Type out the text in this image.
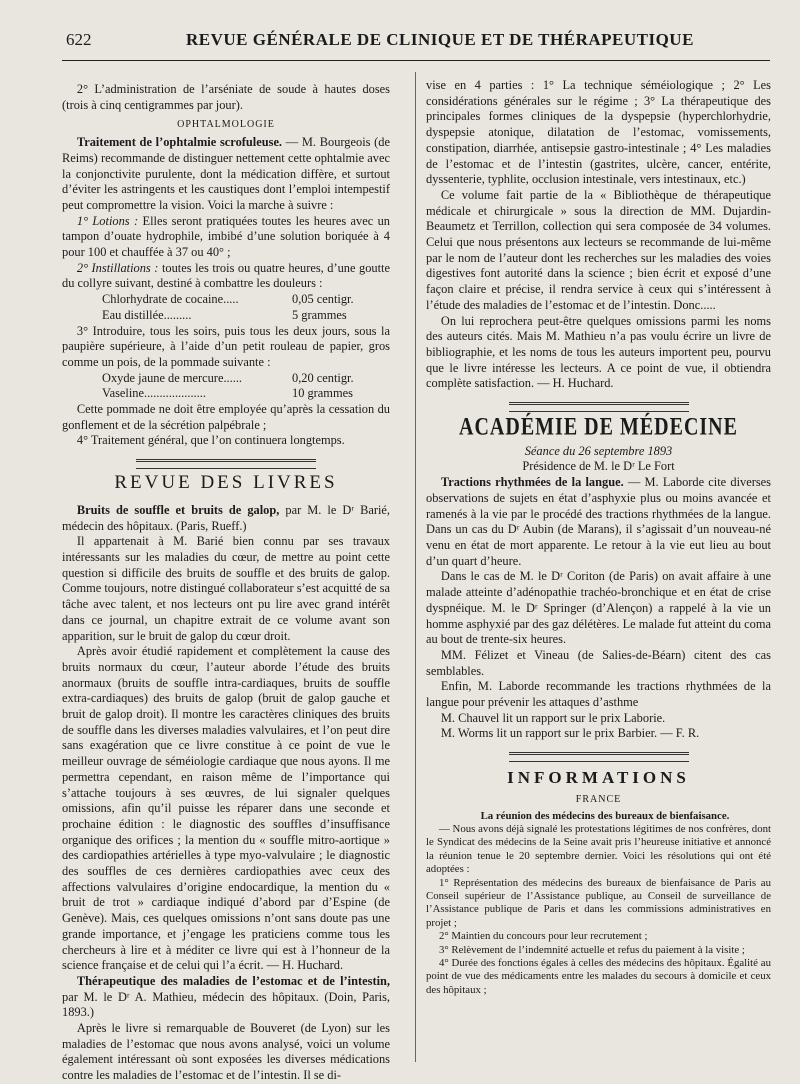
622	REVUE GÉNÉRALE DE CLINIQUE ET DE THÉRAPEUTIQUE

2° L’administration de l’arséniate de soude à hautes doses (trois à cinq centigrammes par jour).

OPHTALMOLOGIE

Traitement de l’ophtalmie scrofuleuse. — M. Bourgeois (de Reims) recommande de distinguer nettement cette ophtalmie avec la conjonctivite purulente, dont la médication diffère, et surtout d’éviter les astringents et les caustiques dont l’emploi intempestif peut compromettre la vision. Voici la marche à suivre :

1° Lotions : Elles seront pratiquées toutes les heures avec un tampon d’ouate hydrophile, imbibé d’une solution boriquée à 4 pour 100 et chauffée à 37 ou 40° ;

2° Instillations : toutes les trois ou quatre heures, d’une goutte du collyre suivant, destiné à combattre les douleurs :

Chlorhydrate de cocaine.....	0,05 centigr.
Eau distillée.........	5 grammes

3° Introduire, tous les soirs, puis tous les deux jours, sous la paupière supérieure, à l’aide d’un petit rouleau de papier, gros comme un pois, de la pommade suivante :

Oxyde jaune de mercure......	0,20 centigr.
Vaseline....................	10 grammes

Cette pommade ne doit être employée qu’après la cessation du gonflement et de la sécrétion palpébrale ;

4° Traitement général, que l’on continuera longtemps.

REVUE DES LIVRES

Bruits de souffle et bruits de galop, par M. le Dʳ Barié, médecin des hôpitaux. (Paris, Rueff.)

Il appartenait à M. Barié bien connu par ses travaux intéressants sur les maladies du cœur, de mettre au point cette question si difficile des bruits de souffle et des bruits de galop. Comme toujours, notre distingué collaborateur s’est acquitté de sa tâche avec talent, et nos lecteurs ont pu lire avec grand intérêt dans ce journal, un chapitre extrait de ce volume avant son apparition, sur le bruit de galop du cœur droit.

Après avoir étudié rapidement et complètement la cause des bruits normaux du cœur, l’auteur aborde l’étude des bruits anormaux (bruits de souffle intra-cardiaques, bruits de souffle extra-cardiaques) des bruits de galop (bruit de galop gauche et bruit de galop droit). Il montre les caractères cliniques des bruits de souffle dans les diverses maladies valvulaires, et l’on peut dire sans exagération que ce livre constitue à ce point de vue le meilleur ouvrage de séméiologie cardiaque que nous ayons. Il me permettra cependant, en raison même de l’importance qui s’attache toujours à ses œuvres, de lui signaler quelques omissions, afin qu’il puisse les réparer dans une seconde et prochaine édition : le diagnostic des souffles d’insuffisance organique des orifices ; la mention du « souffle mitro-aortique » des cardiopathies artérielles à type myo-valvulaire ; le diagnostic des souffles de ces dernières cardiopathies avec ceux des affections valvulaires d’origine endocardique, la mention du « bruit de trot » cardiaque indiqué d’abord par d’Espine (de Genève). Mais, ces quelques omissions n’ont sans doute pas une grande importance, et j’engage les praticiens comme tous les chercheurs à lire et à méditer ce livre qui est à l’honneur de la science française et de celui qui l’a écrit. — H. Huchard.

Thérapeutique des maladies de l’estomac et de l’intestin, par M. le Dʳ A. Mathieu, médecin des hôpitaux. (Doin, Paris, 1893.)

Après le livre si remarquable de Bouveret (de Lyon) sur les maladies de l’estomac que nous avons analysé, voici un volume également intéressant où sont exposées les diverses médications contre les maladies de l’estomac et de l’intestin. Il se di-

vise en 4 parties : 1° La technique séméiologique ; 2° Les considérations générales sur le régime ; 3° La thérapeutique des principales formes cliniques de la dyspepsie (hyperchlorhydrie, dyspepsie atonique, dilatation de l’estomac, vomissements, constipation, diarrhée, antisepsie gastro-intestinale ; 4° Les maladies de l’estomac et de l’intestin (gastrites, ulcère, cancer, entérite, dyssenterie, typhlite, occlusion intestinale, vers intestinaux, etc.)

Ce volume fait partie de la « Bibliothèque de thérapeutique médicale et chirurgicale » sous la direction de MM. Dujardin-Beaumetz et Terrillon, collection qui sera composée de 34 volumes. Celui que nous présentons aux lecteurs se recommande de lui-même par le nom de l’auteur dont les recherches sur les maladies des voies digestives font autorité dans la science ; bien écrit et exposé d’une façon claire et précise, il rendra service à ceux qui s’intéressent à l’étude des maladies de l’estomac et de l’intestin. Donc.....

On lui reprochera peut-être quelques omissions parmi les noms des auteurs cités. Mais M. Mathieu n’a pas voulu écrire un livre de bibliographie, et les noms de tous les auteurs importent peu, pourvu que le livre intéresse les lecteurs. A ce point de vue, il obtiendra complète satisfaction. — H. Huchard.

ACADÉMIE DE MÉDECINE

Séance du 26 septembre 1893

Présidence de M. le Dʳ Le Fort

Tractions rhythmées de la langue. — M. Laborde cite diverses observations de sujets en état d’asphyxie plus ou moins avancée et ramenés à la vie par le procédé des tractions rhythmées de la langue. Dans un cas du Dʳ Aubin (de Marans), il s’agissait d’un nouveau-né venu en état de mort apparente. Le retour à la vie eut lieu au bout d’un quart d’heure.

Dans le cas de M. le Dʳ Coriton (de Paris) on avait affaire à une malade atteinte d’adénopathie trachéo-bronchique et en état de crise dyspnéique. M. le Dʳ Springer (d’Alençon) a rappelé à la vie un homme asphyxié par des gaz délétères. Le malade fut atteint du coma au bout de trente-six heures.

MM. Félizet et Vineau (de Salies-de-Béarn) citent des cas semblables.

Enfin, M. Laborde recommande les tractions rhythmées de la langue pour prévenir les attaques d’asthme

M. Chauvel lit un rapport sur le prix Laborie.

M. Worms lit un rapport sur le prix Barbier. — F. R.

INFORMATIONS
FRANCE

La réunion des médecins des bureaux de bienfaisance.

— Nous avons déjà signalé les protestations légitimes de nos confrères, dont le Syndicat des médecins de la Seine avait pris l’heureuse initiative et annoncé la réunion tenue le 20 septembre dernier. Voici les résolutions qui ont été adoptées :

1° Représentation des médecins des bureaux de bienfaisance de Paris au Conseil supérieur de l’Assistance publique, au Conseil de surveillance de l’Assistance publique de Paris et dans les commissions administratives en projet ;

2° Maintien du concours pour leur recrutement ;

3° Relèvement de l’indemnité actuelle et refus du paiement à la visite ;

4° Durée des fonctions égales à celles des médecins des hôpitaux. Égalité au point de vue des médicaments entre les malades du secours à domicile et ceux des hôpitaux ;
